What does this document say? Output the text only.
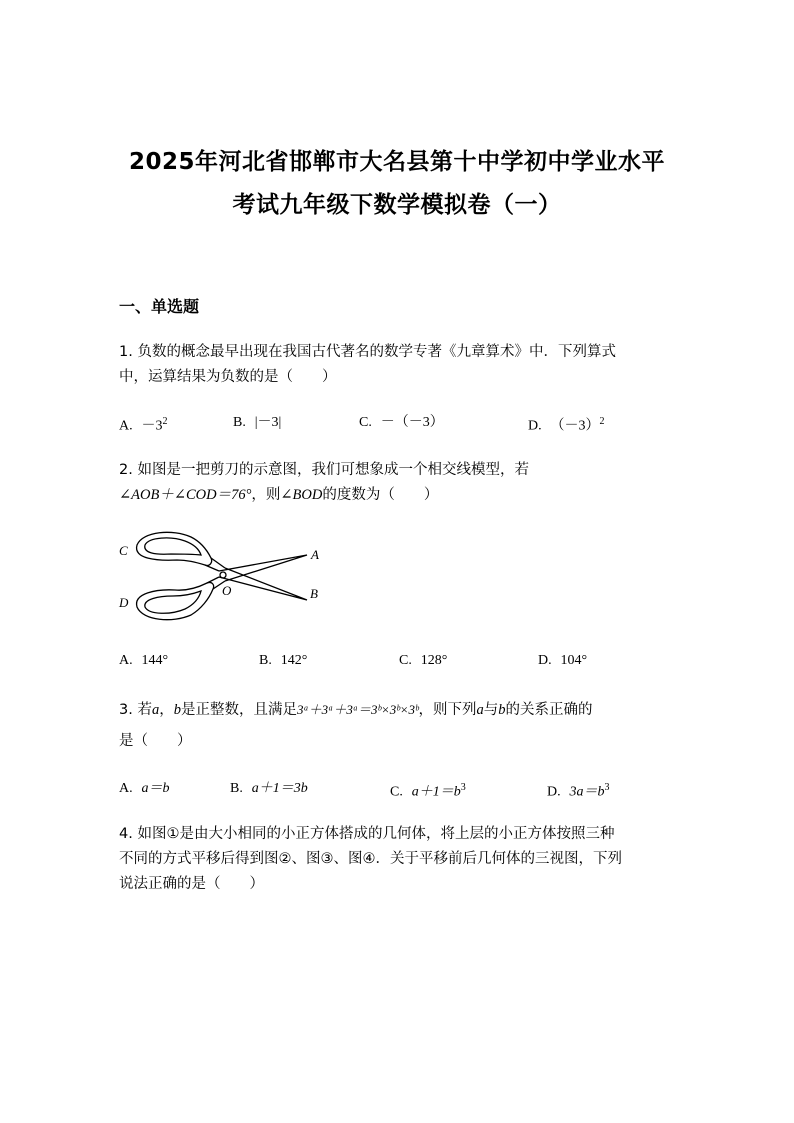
2025年河北省邯郸市大名县第十中学初中学业水平
考试九年级下数学模拟卷（一）
一、单选题
1. 负数的概念最早出现在我国古代著名的数学专著《九章算术》中．下列算式
中，运算结果为负数的是（　　）
A. $-3^2$	B. |－3|	C. －（－3）	D. $(-3)^2$
2. 如图是一把剪刀的示意图，我们可想象成一个相交线模型，若
∠AOB＋∠COD＝76°，则∠BOD的度数为（　　）
C
D
A
B
O
A. 144°	B. 142°	C. 128°	D. 104°
3. 若a，b是正整数，且满足3ᵃ＋3ᵃ＋3ᵃ＝3ᵇ×3ᵇ×3ᵇ，则下列a与b的关系正确的
是（　　）
A. a＝b	B. a＋1＝3b	C. $a+1=b^3$	D. $3a=b^3$
4. 如图①是由大小相同的小正方体搭成的几何体，将上层的小正方体按照三种
不同的方式平移后得到图②、图③、图④．关于平移前后几何体的三视图，下列
说法正确的是（　　）
